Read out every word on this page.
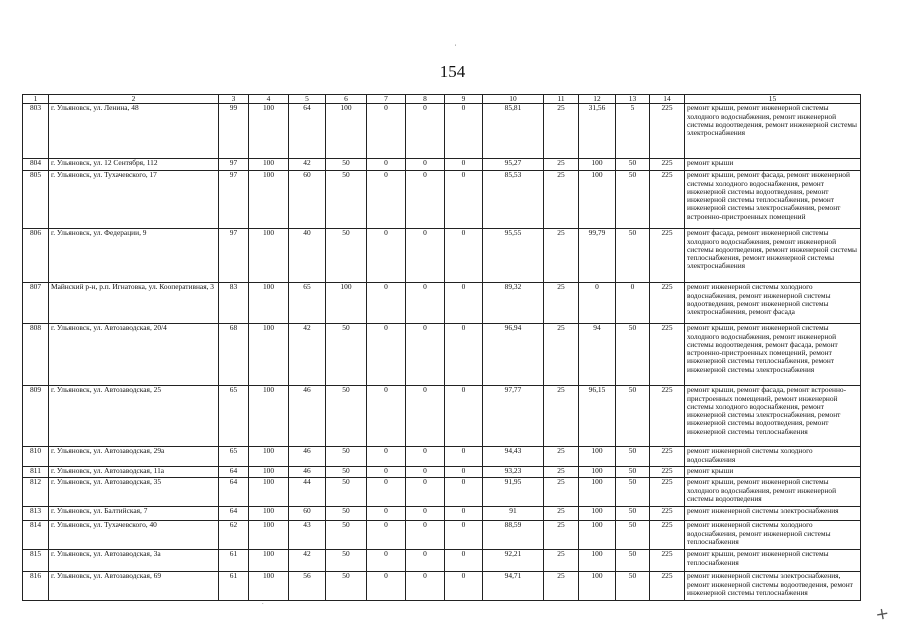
154
'
.
✕
1	2	3	4	5	6	7	8	9	10	11	12	13	14	15
803	г. Ульяновск, ул. Ленина, 48	99	100	64	100	0	0	0	85,81	25	31,56	5	225	ремонт крыши, ремонт инженерной системы холодного водоснабжения, ремонт инженерной системы водоотведения, ремонт инженерной системы электроснабжения
804	г. Ульяновск, ул. 12 Сентября, 112	97	100	42	50	0	0	0	95,27	25	100	50	225	ремонт крыши
805	г. Ульяновск, ул. Тухачевского, 17	97	100	60	50	0	0	0	85,53	25	100	50	225	ремонт крыши, ремонт фасада, ремонт инженерной системы холодного водоснабжения, ремонт инженерной системы водоотведения, ремонт инженерной системы теплоснабжения, ремонт инженерной системы электроснабжения, ремонт встроенно-пристроенных помещений
806	г. Ульяновск, ул. Федерации, 9	97	100	40	50	0	0	0	95,55	25	99,79	50	225	ремонт фасада, ремонт инженерной системы холодного водоснабжения, ремонт инженерной системы водоотведения, ремонт инженерной системы теплоснабжения, ремонт инженерной системы электроснабжения
807	Майнский р-н, р.п. Игнатовка, ул. Кооперативная, 3	83	100	65	100	0	0	0	89,32	25	0	0	225	ремонт инженерной системы холодного водоснабжения, ремонт инженерной системы водоотведения, ремонт инженерной системы электроснабжения, ремонт фасада
808	г. Ульяновск, ул. Автозаводская, 20/4	68	100	42	50	0	0	0	96,94	25	94	50	225	ремонт крыши, ремонт инженерной системы холодного водоснабжения, ремонт инженерной системы водоотведения, ремонт фасада, ремонт встроенно-пристроенных помещений, ремонт инженерной системы теплоснабжения, ремонт инженерной системы электроснабжения
809	г. Ульяновск, ул. Автозаводская, 25	65	100	46	50	0	0	0	97,77	25	96,15	50	225	ремонт крыши, ремонт фасада, ремонт встроенно-пристроенных помещений, ремонт инженерной системы холодного водоснабжения, ремонт инженерной системы электроснабжения, ремонт инженерной системы водоотведения, ремонт инженерной системы теплоснабжения
810	г. Ульяновск, ул. Автозаводская, 29а	65	100	46	50	0	0	0	94,43	25	100	50	225	ремонт инженерной системы холодного водоснабжения
811	г. Ульяновск, ул. Автозаводская, 11а	64	100	46	50	0	0	0	93,23	25	100	50	225	ремонт крыши
812	г. Ульяновск, ул. Автозаводская, 35	64	100	44	50	0	0	0	91,95	25	100	50	225	ремонт крыши, ремонт инженерной системы холодного водоснабжения, ремонт инженерной системы водоотведения
813	г. Ульяновск, ул. Балтийская, 7	64	100	60	50	0	0	0	91	25	100	50	225	ремонт инженерной системы электроснабжения
814	г. Ульяновск, ул. Тухачевского, 40	62	100	43	50	0	0	0	88,59	25	100	50	225	ремонт инженерной системы холодного водоснабжения, ремонт инженерной системы теплоснабжения
815	г. Ульяновск, ул. Автозаводская, 3а	61	100	42	50	0	0	0	92,21	25	100	50	225	ремонт крыши, ремонт инженерной системы теплоснабжения
816	г. Ульяновск, ул. Автозаводская, 69	61	100	56	50	0	0	0	94,71	25	100	50	225	ремонт инженерной системы электроснабжения, ремонт инженерной системы водоотведения, ремонт инженерной системы теплоснабжения
